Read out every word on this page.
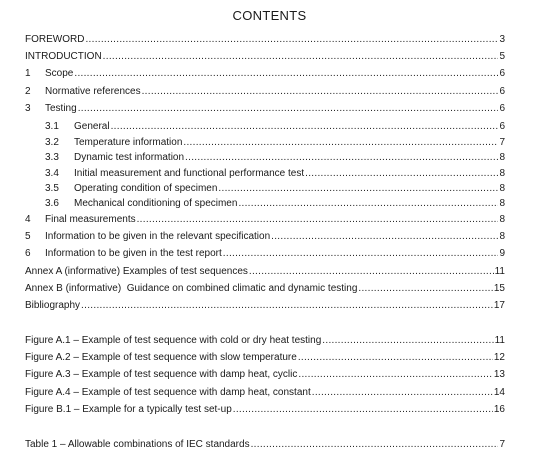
CONTENTS
FOREWORD .....	3
INTRODUCTION .....	5
1	Scope .....	6
2	Normative references .....	6
3	Testing .....	6
3.1	General .....	6
3.2	Temperature information .....	7
3.3	Dynamic test information .....	8
3.4	Initial measurement and functional performance test .....	8
3.5	Operating condition of specimen .....	8
3.6	Mechanical conditioning of specimen .....	8
4	Final measurements .....	8
5	Information to be given in the relevant specification .....	8
6	Information to be given in the test report .....	9
Annex A (informative) Examples of test sequences .....	11
Annex B (informative)  Guidance on combined climatic and dynamic testing .....	15
Bibliography .....	17
Figure A.1 – Example of test sequence with cold or dry heat testing .....	11
Figure A.2 – Example of test sequence with slow temperature .....	12
Figure A.3 – Example of test sequence with damp heat, cyclic .....	13
Figure A.4 – Example of test sequence with damp heat, constant .....	14
Figure B.1 – Example for a typically test set-up .....	16
Table 1 – Allowable combinations of IEC standards .....	7
